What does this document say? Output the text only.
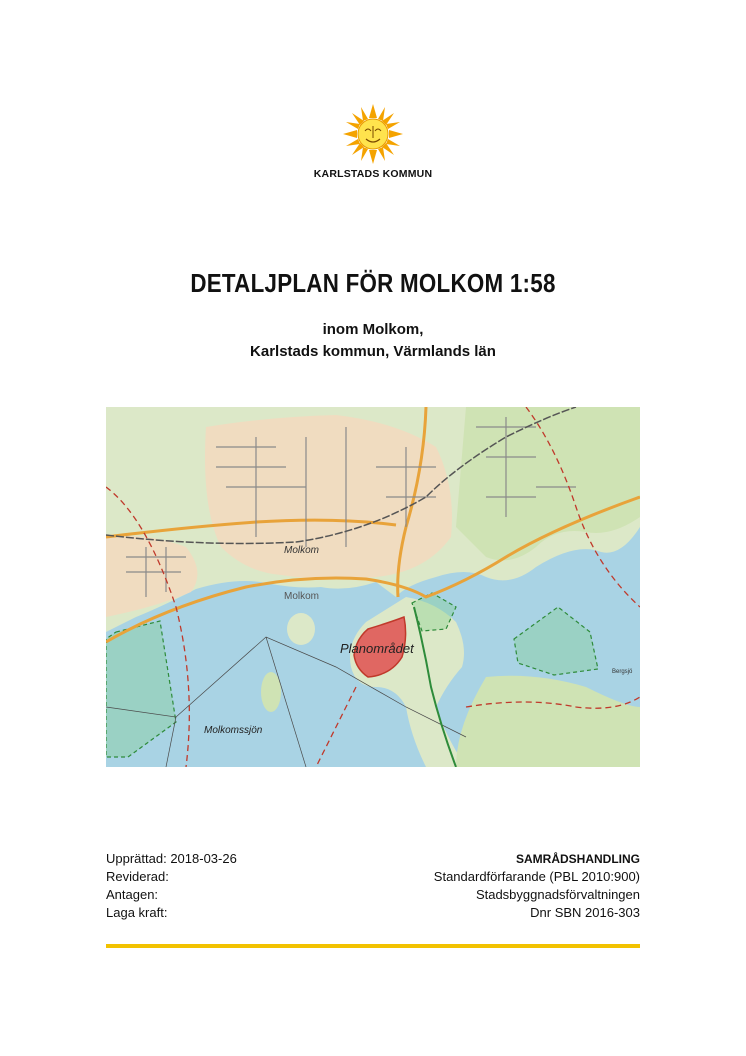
KARLSTADS KOMMUN
DETALJPLAN FÖR MOLKOM 1:58
inom Molkom,
Karlstads kommun, Värmlands län
Molkom
Molkom
Planområdet
Molkomssjön
Bergsjö
Upprättad: 2018-03-26
Reviderad:
Antagen:
Laga kraft:
SAMRÅDSHANDLING
Standardförfarande (PBL 2010:900)
Stadsbyggnadsförvaltningen
Dnr SBN 2016-303
